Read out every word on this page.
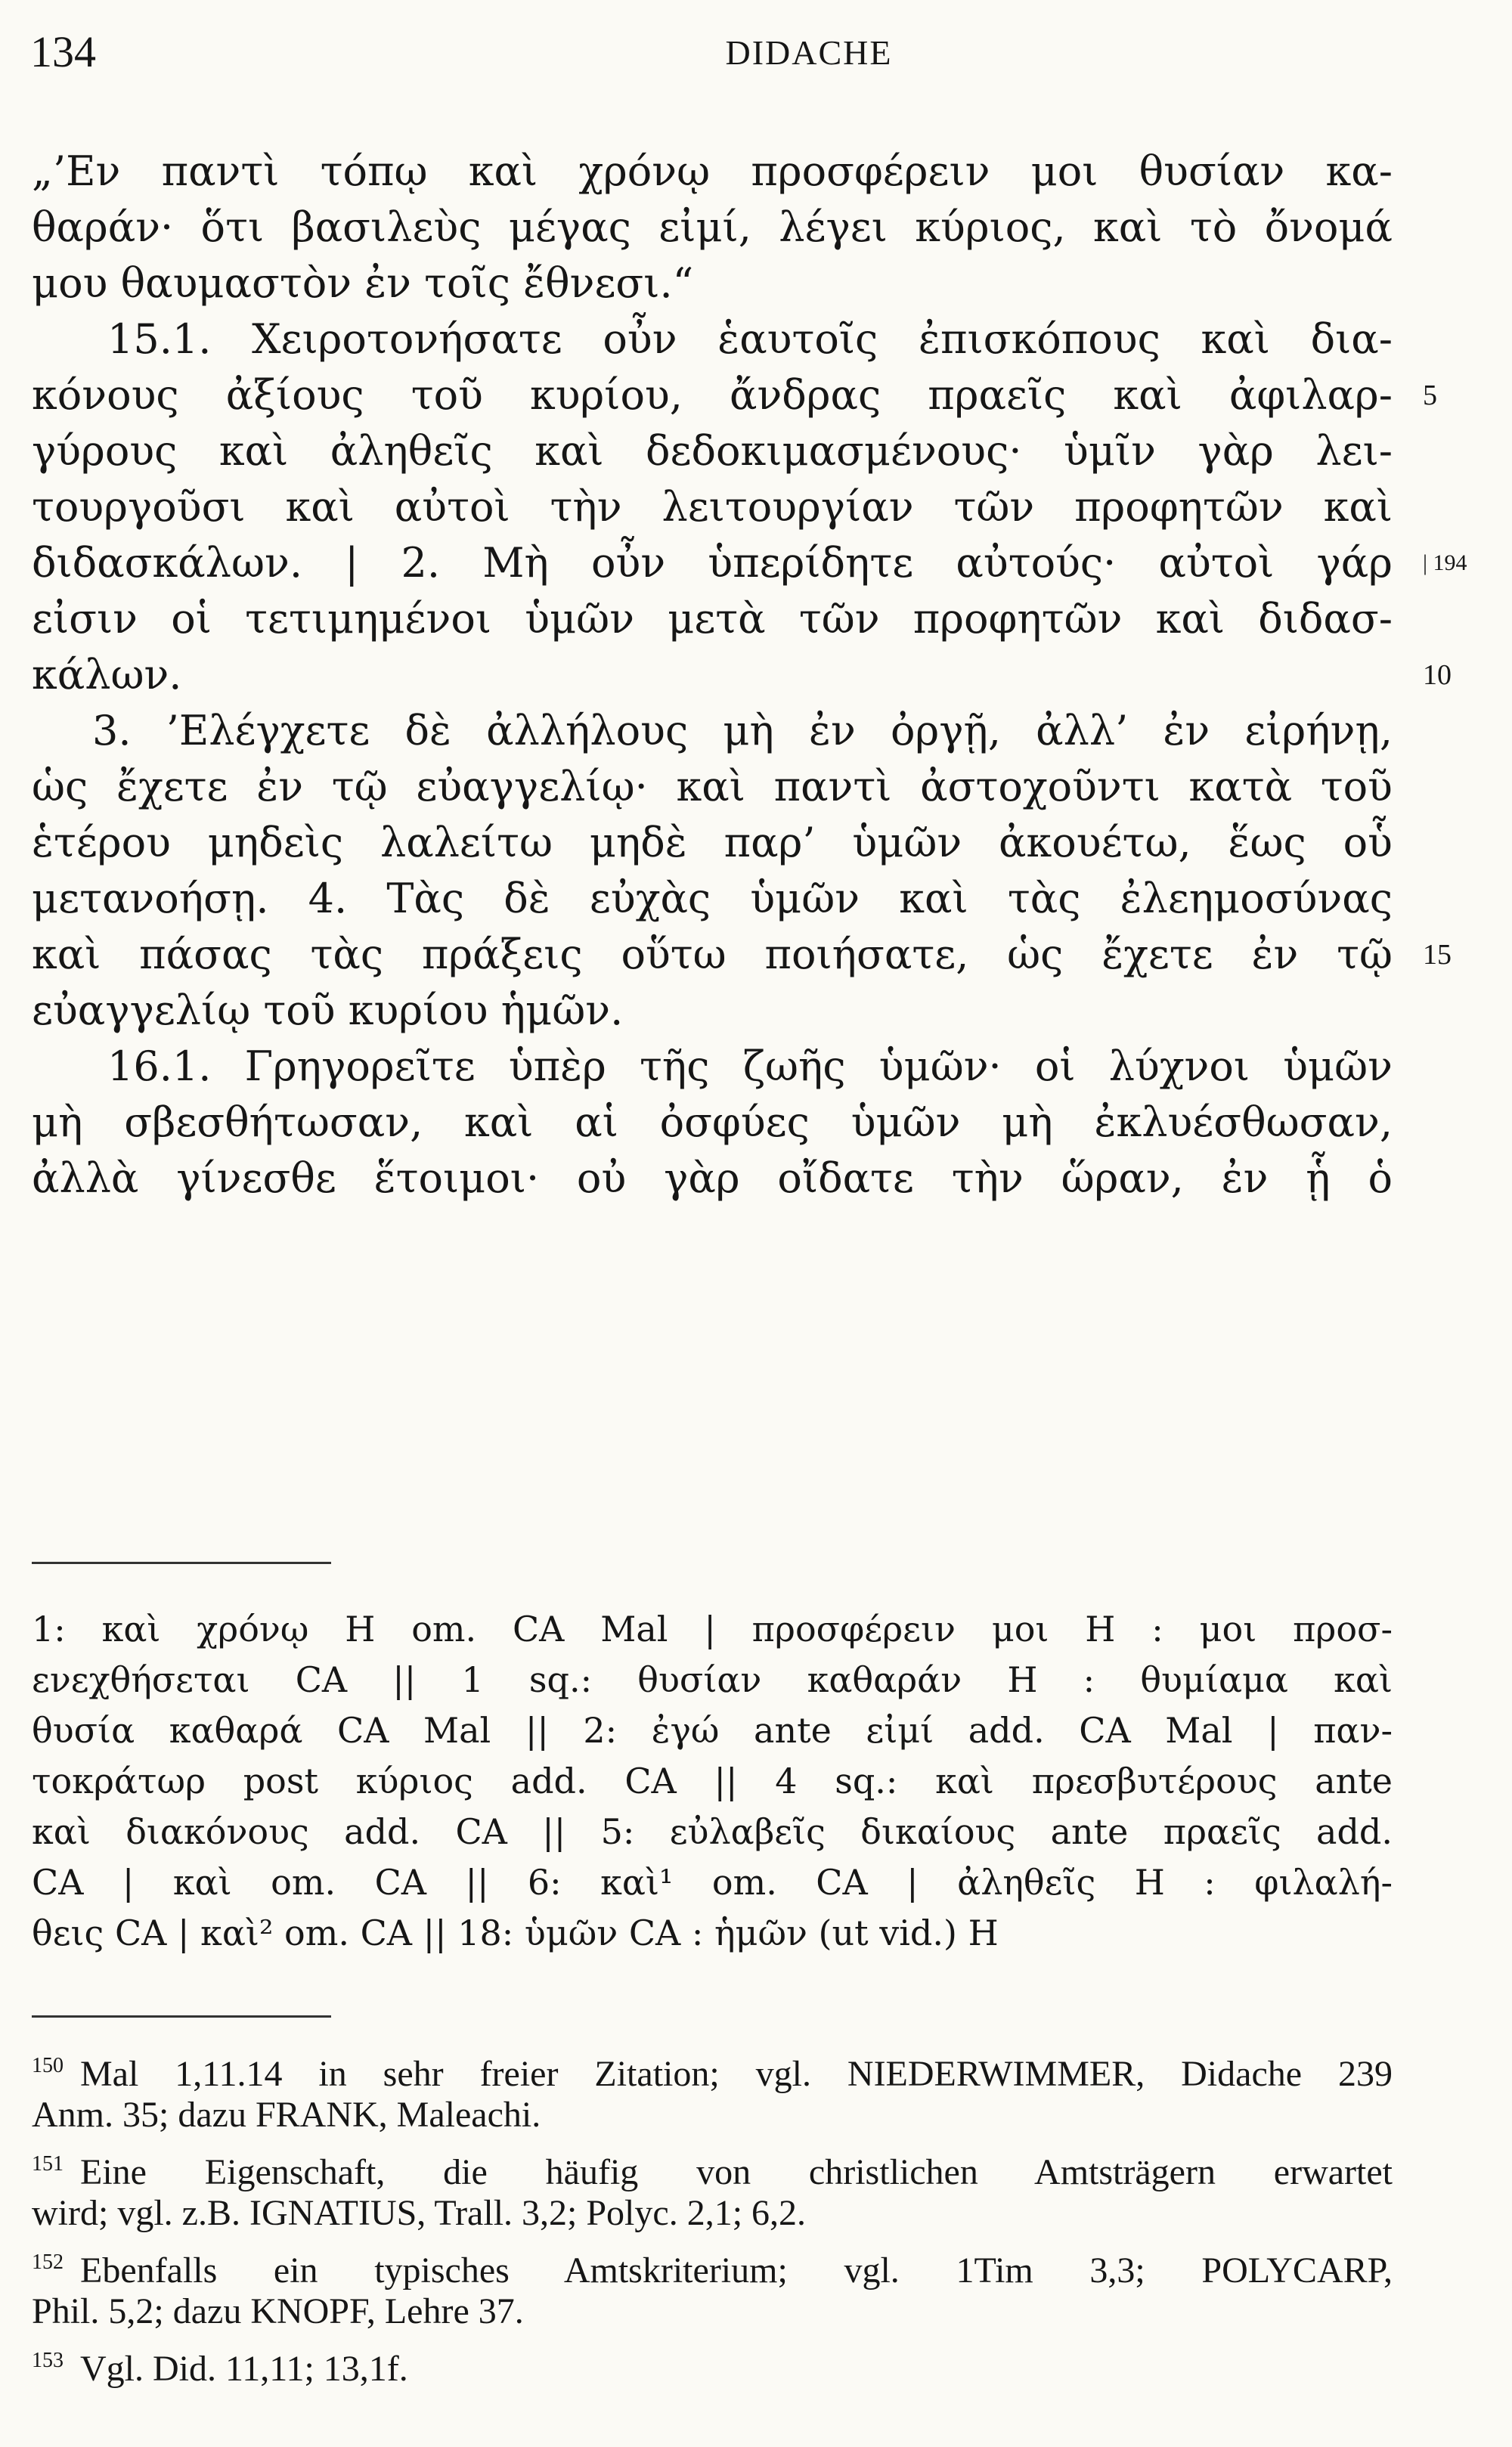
134	DIDACHE
„’Εν παντὶ τόπῳ καὶ χρόνῳ προσφέρειν μοι θυσίαν κα-
θαράν· ὅτι βασιλεὺς μέγας εἰμί, λέγει κύριος, καὶ τὸ ὄνομά
μου θαυμαστὸν ἐν τοῖς ἔθνεσι.“
15.1. Χειροτονήσατε οὖν ἑαυτοῖς ἐπισκόπους καὶ δια-
κόνους ἀξίους τοῦ κυρίου, ἄνδρας πραεῖς καὶ ἀφιλαρ- 5
γύρους καὶ ἀληθεῖς καὶ δεδοκιμασμένους· ὑμῖν γὰρ λει-
τουργοῦσι καὶ αὐτοὶ τὴν λειτουργίαν τῶν προφητῶν καὶ
διδασκάλων. | 2. Μὴ οὖν ὑπερίδητε αὐτούς· αὐτοὶ γάρ | 194
εἰσιν οἱ τετιμημένοι ὑμῶν μετὰ τῶν προφητῶν καὶ διδασ-
κάλων.	10
3. ’Ελέγχετε δὲ ἀλλήλους μὴ ἐν ὀργῇ, ἀλλ’ ἐν εἰρήνῃ,
ὡς ἔχετε ἐν τῷ εὐαγγελίῳ· καὶ παντὶ ἀστοχοῦντι κατὰ τοῦ
ἑτέρου μηδεὶς λαλείτω μηδὲ παρ’ ὑμῶν ἀκουέτω, ἕως οὗ
μετανοήσῃ. 4. Τὰς δὲ εὐχὰς ὑμῶν καὶ τὰς ἐλεημοσύνας
καὶ πάσας τὰς πράξεις οὕτω ποιήσατε, ὡς ἔχετε ἐν τῷ 15
εὐαγγελίῳ τοῦ κυρίου ἡμῶν.
16.1. Γρηγορεῖτε ὑπὲρ τῆς ζωῆς ὑμῶν· οἱ λύχνοι ὑμῶν
μὴ σβεσθήτωσαν, καὶ αἱ ὀσφύες ὑμῶν μὴ ἐκλυέσθωσαν,
ἀλλὰ γίνεσθε ἕτοιμοι· οὐ γὰρ οἴδατε τὴν ὥραν, ἐν ᾗ ὁ
1: καὶ χρόνῳ H om. CA Mal | προσφέρειν μοι H : μοι προσ-
ενεχθήσεται CA || 1 sq.: θυσίαν καθαράν H : θυμίαμα καὶ
θυσία καθαρά CA Mal || 2: ἐγώ ante εἰμί add. CA Mal | παν-
τοκράτωρ post κύριος add. CA || 4 sq.: καὶ πρεσβυτέρους ante
καὶ διακόνους add. CA || 5: εὐλαβεῖς δικαίους ante πραεῖς add.
CA | καὶ om. CA || 6: καὶ¹ om. CA | ἀληθεῖς H : φιλαλή-
θεις CA | καὶ² om. CA || 18: ὑμῶν CA : ἡμῶν (ut vid.) H
$^{150}$ Mal 1,11.14 in sehr freier Zitation; vgl. NIEDERWIMMER, Didache 239
Anm. 35; dazu FRANK, Maleachi.
$^{151}$ Eine Eigenschaft, die häufig von christlichen Amtsträgern erwartet
wird; vgl. z.B. IGNATIUS, Trall. 3,2; Polyc. 2,1; 6,2.
$^{152}$ Ebenfalls ein typisches Amtskriterium; vgl. 1Tim 3,3; POLYCARP,
Phil. 5,2; dazu KNOPF, Lehre 37.
$^{153}$ Vgl. Did. 11,11; 13,1f.
